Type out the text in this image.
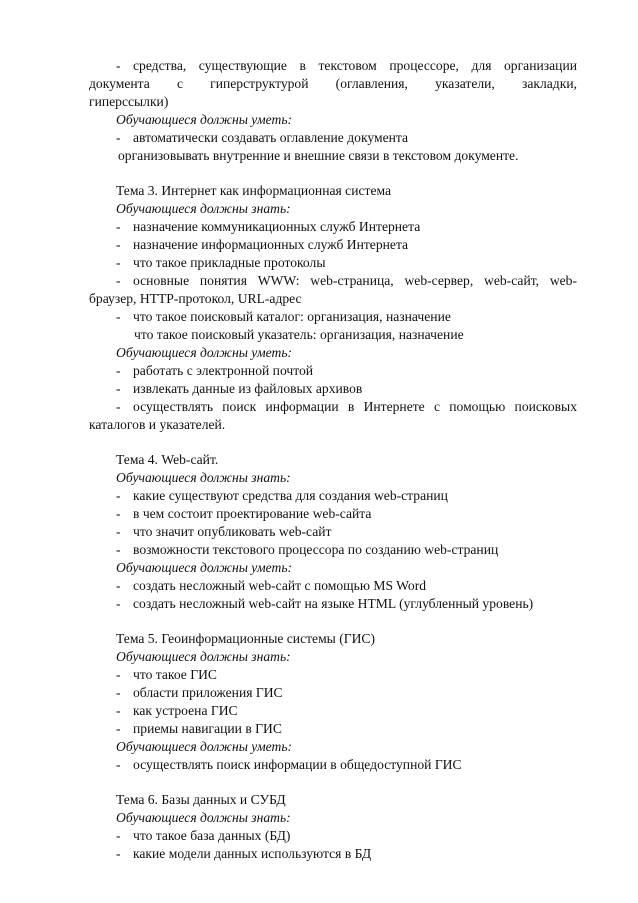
- средства, существующие в текстовом процессоре, для организации
документа с гиперструктурой (оглавления, указатели, закладки,
гиперссылки)
Обучающиеся должны уметь:
- автоматически создавать оглавление документа
организовывать внутренние и внешние связи в текстовом документе.
Тема 3. Интернет как информационная система
Обучающиеся должны знать:
- назначение коммуникационных служб Интернета
- назначение информационных служб Интернета
- что такое прикладные протоколы
- основные понятия WWW: web-страница, web-сервер, web-сайт, web-
браузер, HTTP-протокол, URL-адрес
- что такое поисковый каталог: организация, назначение
что такое поисковый указатель: организация, назначение
Обучающиеся должны уметь:
- работать с электронной почтой
- извлекать данные из файловых архивов
- осуществлять поиск информации в Интернете с помощью поисковых
каталогов и указателей.
Тема 4. Web-сайт.
Обучающиеся должны знать:
- какие существуют средства для создания web-страниц
- в чем состоит проектирование web-сайта
- что значит опубликовать web-сайт
- возможности текстового процессора по созданию web-страниц
Обучающиеся должны уметь:
- создать несложный web-сайт с помощью MS Word
- создать несложный web-сайт на языке HTML (углубленный уровень)
Тема 5. Геоинформационные системы (ГИС)
Обучающиеся должны знать:
- что такое ГИС
- области приложения ГИС
- как устроена ГИС
- приемы навигации в ГИС
Обучающиеся должны уметь:
- осуществлять поиск информации в общедоступной ГИС
Тема 6. Базы данных и СУБД
Обучающиеся должны знать:
- что такое база данных (БД)
- какие модели данных используются в БД
